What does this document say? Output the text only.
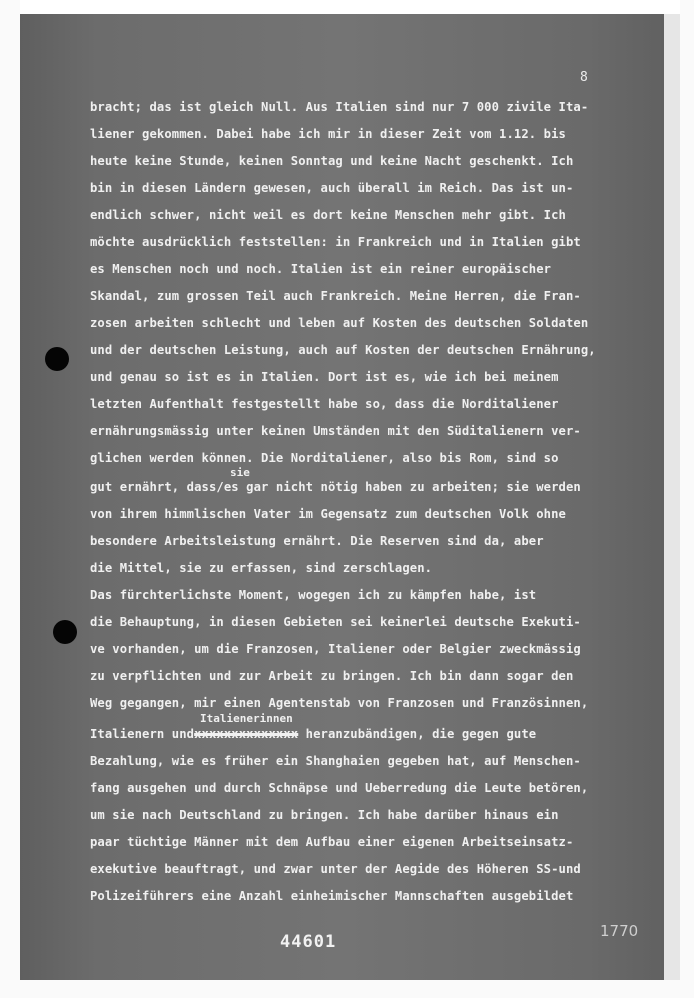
8
bracht; das ist gleich Null. Aus Italien sind nur 7 000 zivile Ita-
liener gekommen. Dabei habe ich mir in dieser Zeit vom 1.12. bis
heute keine Stunde, keinen Sonntag und keine Nacht geschenkt. Ich
bin in diesen Ländern gewesen, auch überall im Reich. Das ist un-
endlich schwer, nicht weil es dort keine Menschen mehr gibt. Ich
möchte ausdrücklich feststellen: in Frankreich und in Italien gibt
es Menschen noch und noch. Italien ist ein reiner europäischer
Skandal, zum grossen Teil auch Frankreich. Meine Herren, die Fran-
zosen arbeiten schlecht und leben auf Kosten des deutschen Soldaten
und der deutschen Leistung, auch auf Kosten der deutschen Ernährung,
und genau so ist es in Italien. Dort ist es, wie ich bei meinem
letzten Aufenthalt festgestellt habe so, dass die Norditaliener
ernährungsmässig unter keinen Umständen mit den Süditalienern ver-
glichen werden können. Die Norditaliener, also bis Rom, sind so
sie
gut ernährt, dass/es gar nicht nötig haben zu arbeiten; sie werden
von ihrem himmlischen Vater im Gegensatz zum deutschen Volk ohne
besondere Arbeitsleistung ernährt. Die Reserven sind da, aber
die Mittel, sie zu erfassen, sind zerschlagen.
Das fürchterlichste Moment, wogegen ich zu kämpfen habe, ist
die Behauptung, in diesen Gebieten sei keinerlei deutsche Exekuti-
ve vorhanden, um die Franzosen, Italiener oder Belgier zweckmässig
zu verpflichten und zur Arbeit zu bringen. Ich bin dann sogar den
Weg gegangen, mir einen Agentenstab von Franzosen und Französinnen,
Italienerinnen
Italienern undxxxxxxxxxxxxxx heranzubändigen, die gegen gute
Bezahlung, wie es früher ein Shanghaien gegeben hat, auf Menschen-
fang ausgehen und durch Schnäpse und Ueberredung die Leute betören,
um sie nach Deutschland zu bringen. Ich habe darüber hinaus ein
paar tüchtige Männer mit dem Aufbau einer eigenen Arbeitseinsatz-
exekutive beauftragt, und zwar unter der Aegide des Höheren SS-und
Polizeiführers eine Anzahl einheimischer Mannschaften ausgebildet
44601
1770
